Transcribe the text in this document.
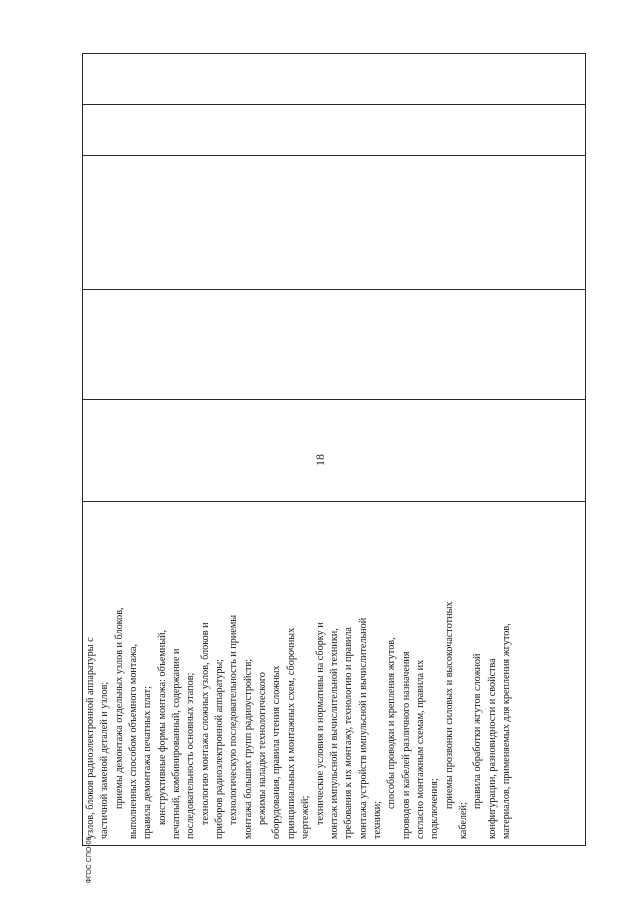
18

узлов, блоков радиоэлектронной аппаратуры с частичной заменой деталей и узлов; приемы демонтажа отдельных узлов и блоков, выполненных способом объемного монтажа, правила демонтажа печатных плат; конструктивные формы монтажа: объемный, печатный, комбинированный, содержание и последовательность основных этапов; технологию монтажа сложных узлов, блоков и приборов радиоэлектронной аппаратуры; технологическую последовательность и приемы монтажа больших групп радиоустройств; режимы наладки технологического оборудования, правила чтения сложных принципиальных и монтажных схем, сборочных чертежей; технические условия и нормативы на сборку и монтаж импульсной и вычислительной техники, требования к их монтажу, технологию и правила монтажа устройств импульсной и вычислительной техники;

способы проводки и крепления жгутов, проводов и кабелей различного назначения согласно монтажным схемам, правила их подключения; приемы прозвонки силовых и высокочастотных

кабелей;

правила обработки жгутов сложной конфигурации, разновидности и свойства материалов, применяемых для крепления жгутов,

ФГОС СПО-06
